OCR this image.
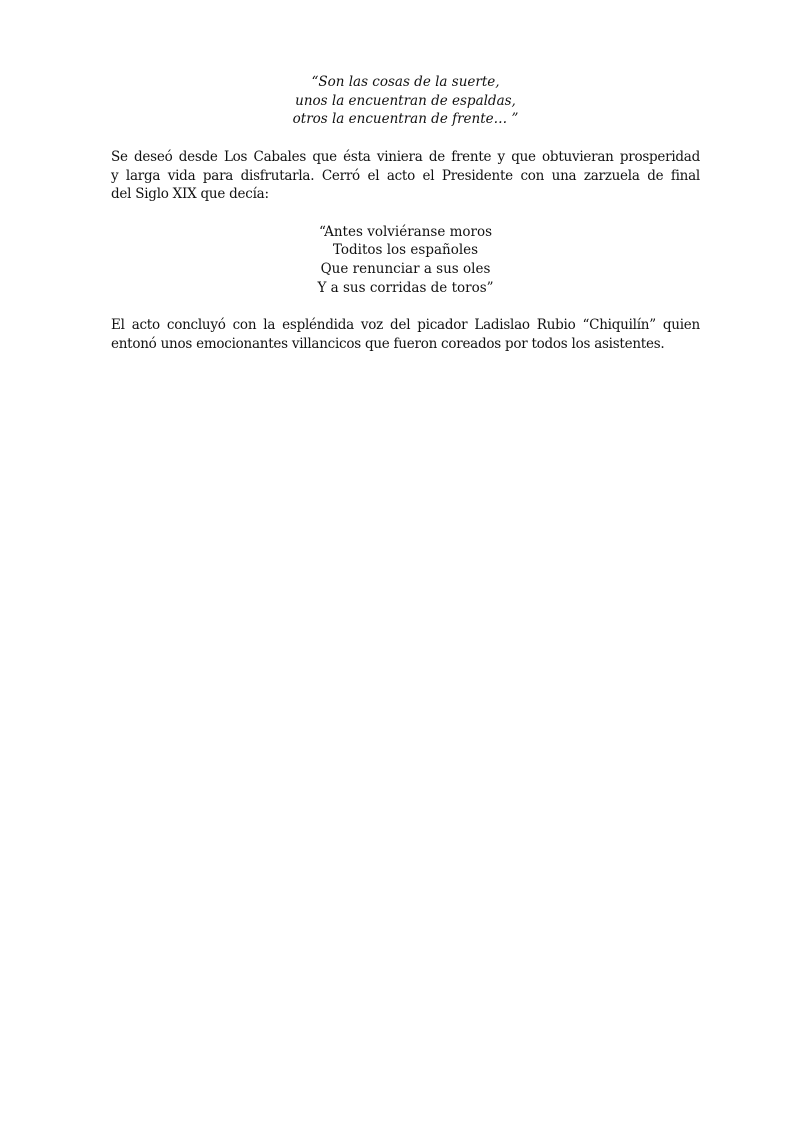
“Son las cosas de la suerte,
unos la encuentran de espaldas,
otros la encuentran de frente… ”
Se deseó desde Los Cabales que ésta viniera de frente y que obtuvieran prosperidad
y larga vida para disfrutarla. Cerró el acto el Presidente con una zarzuela de final
del Siglo XIX que decía:
“Antes volviéranse moros
Toditos los españoles
Que renunciar a sus oles
Y a sus corridas de toros”
El acto concluyó con la espléndida voz del picador Ladislao Rubio “Chiquilín” quien
entonó unos emocionantes villancicos que fueron coreados por todos los asistentes.
